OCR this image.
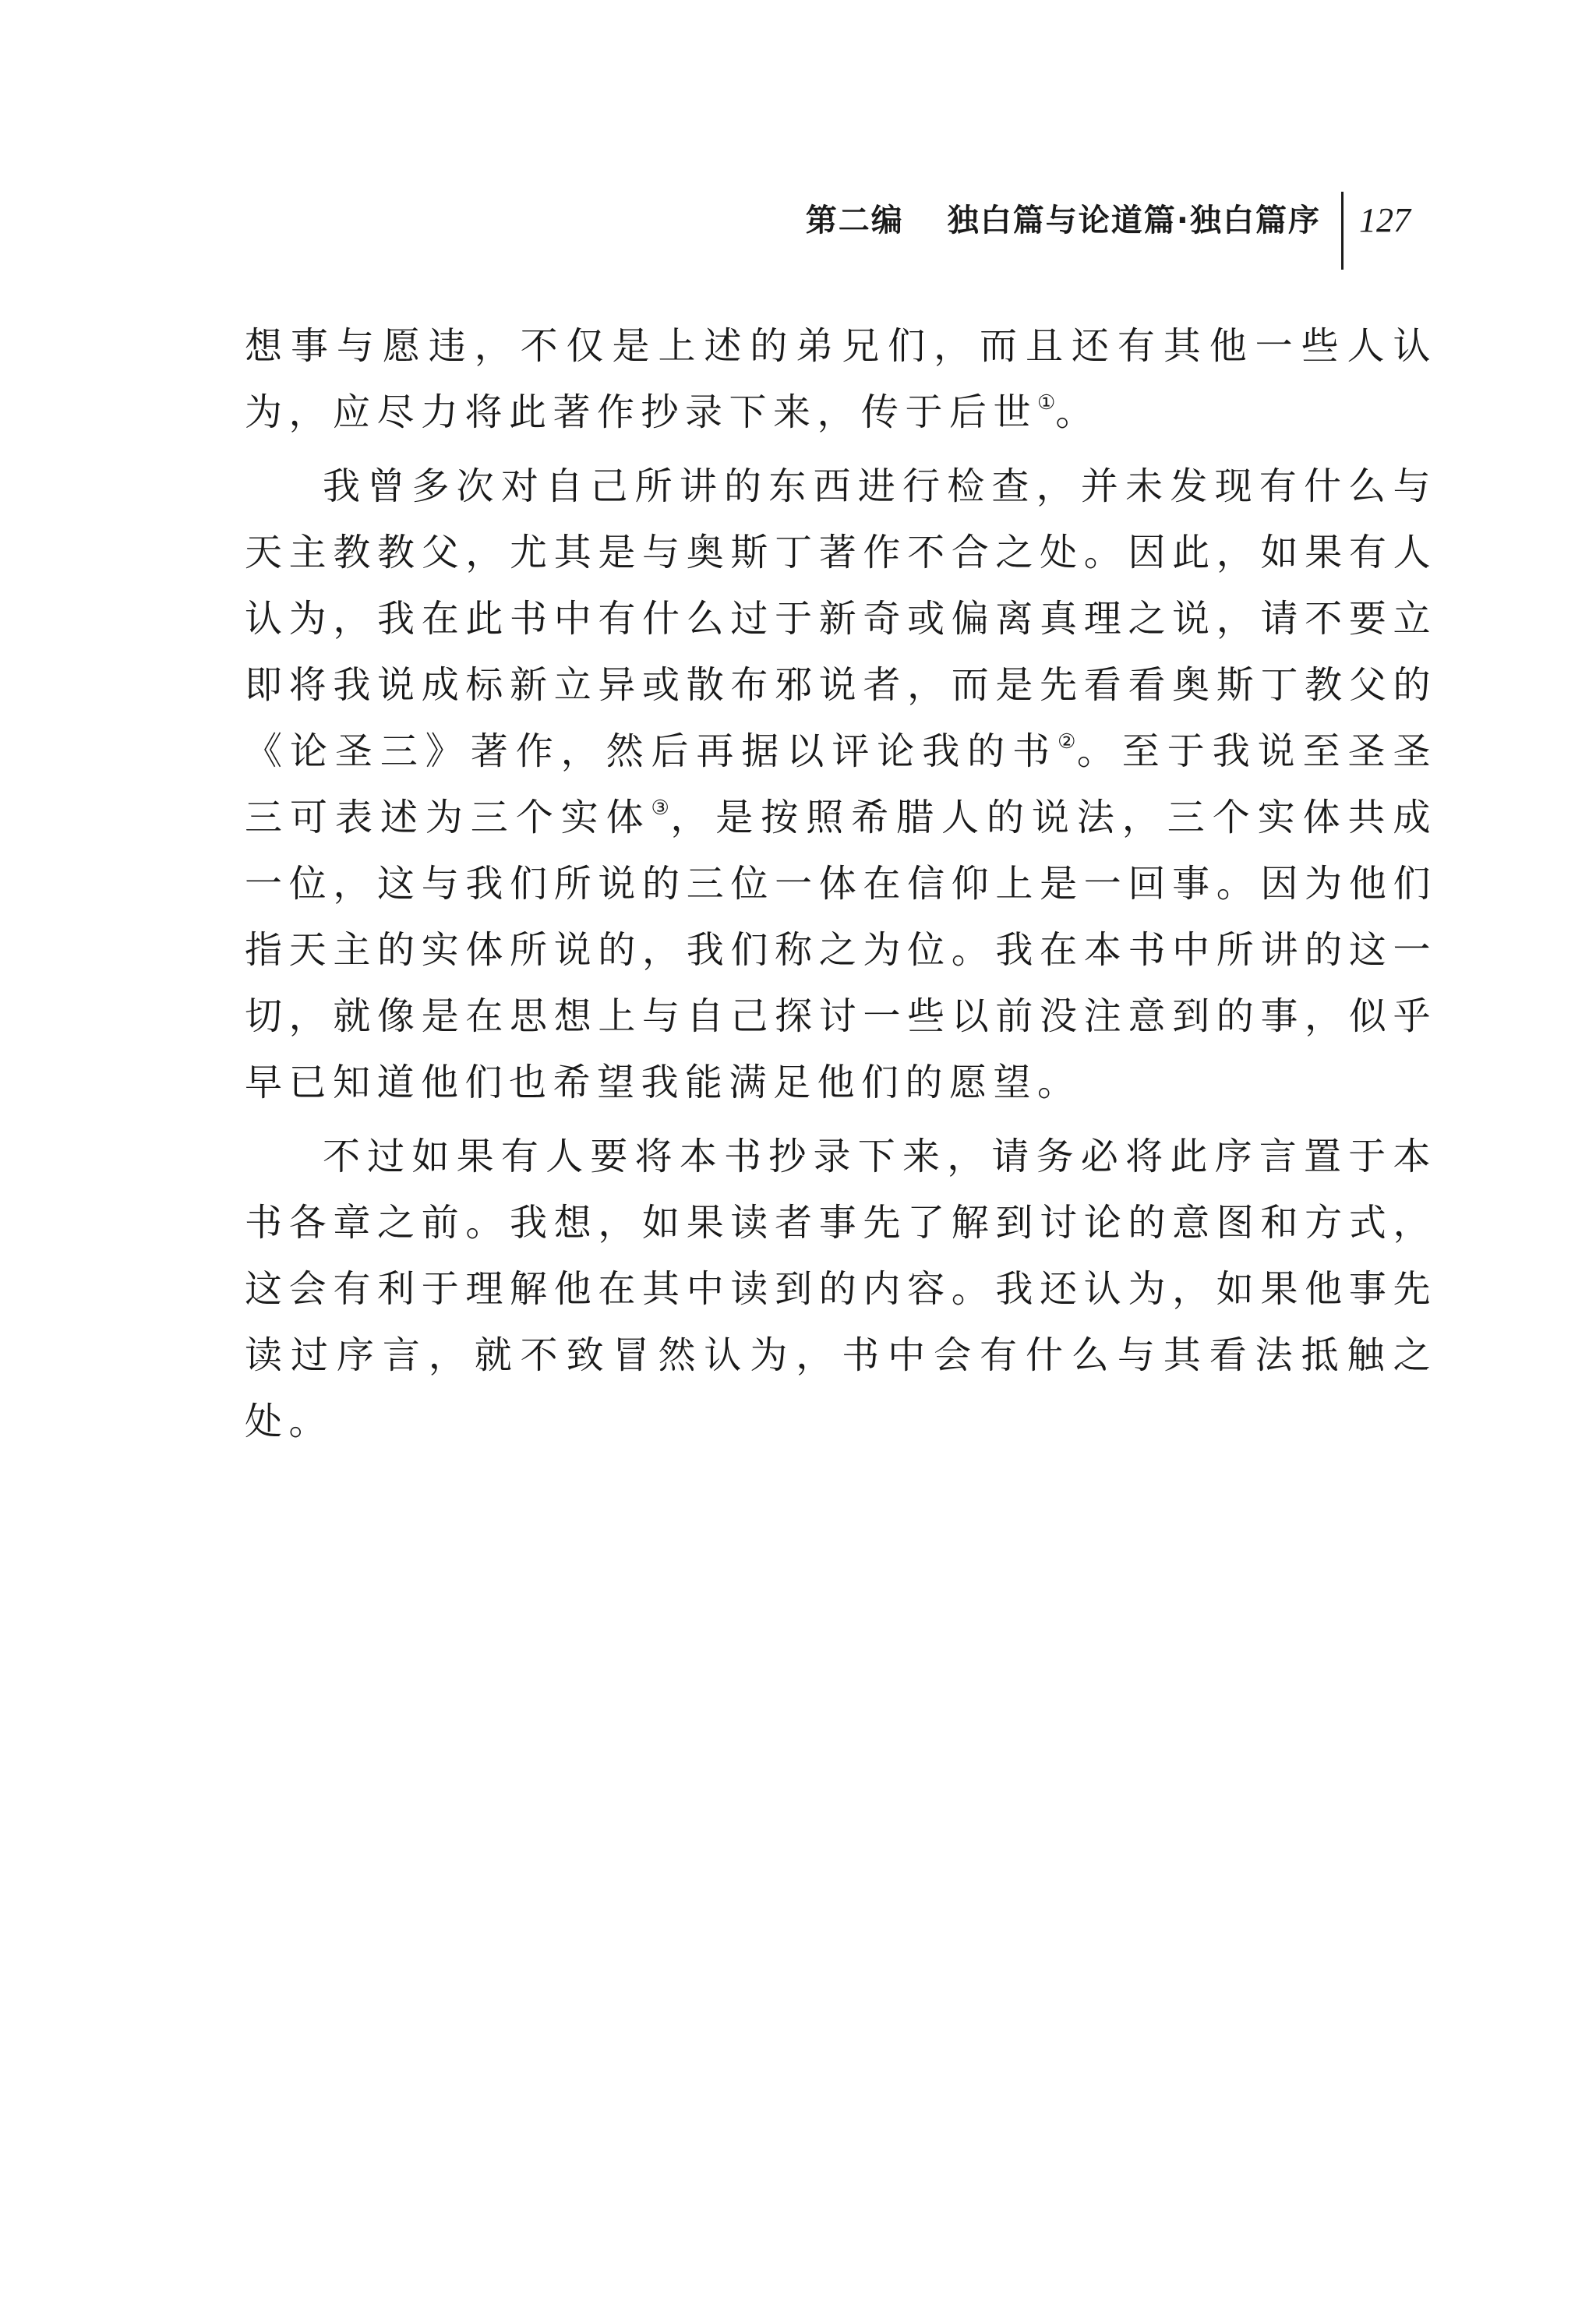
第二编 独白篇与论道篇·独白篇序	127

想事与愿违，不仅是上述的弟兄们，而且还有其他一些人认为，应尽力将此著作抄录下来，传于后世①。

我曾多次对自己所讲的东西进行检查，并未发现有什么与天主教教父，尤其是与奥斯丁著作不合之处。因此，如果有人认为，我在此书中有什么过于新奇或偏离真理之说，请不要立即将我说成标新立异或散布邪说者，而是先看看奥斯丁教父的《论圣三》著作，然后再据以评论我的书②。至于我说至圣圣三可表述为三个实体③，是按照希腊人的说法，三个实体共成一位，这与我们所说的三位一体在信仰上是一回事。因为他们指天主的实体所说的，我们称之为位。我在本书中所讲的这一切，就像是在思想上与自己探讨一些以前没注意到的事，似乎早已知道他们也希望我能满足他们的愿望。

不过如果有人要将本书抄录下来，请务必将此序言置于本书各章之前。我想，如果读者事先了解到讨论的意图和方式，这会有利于理解他在其中读到的内容。我还认为，如果他事先读过序言，就不致冒然认为，书中会有什么与其看法抵触之处。
